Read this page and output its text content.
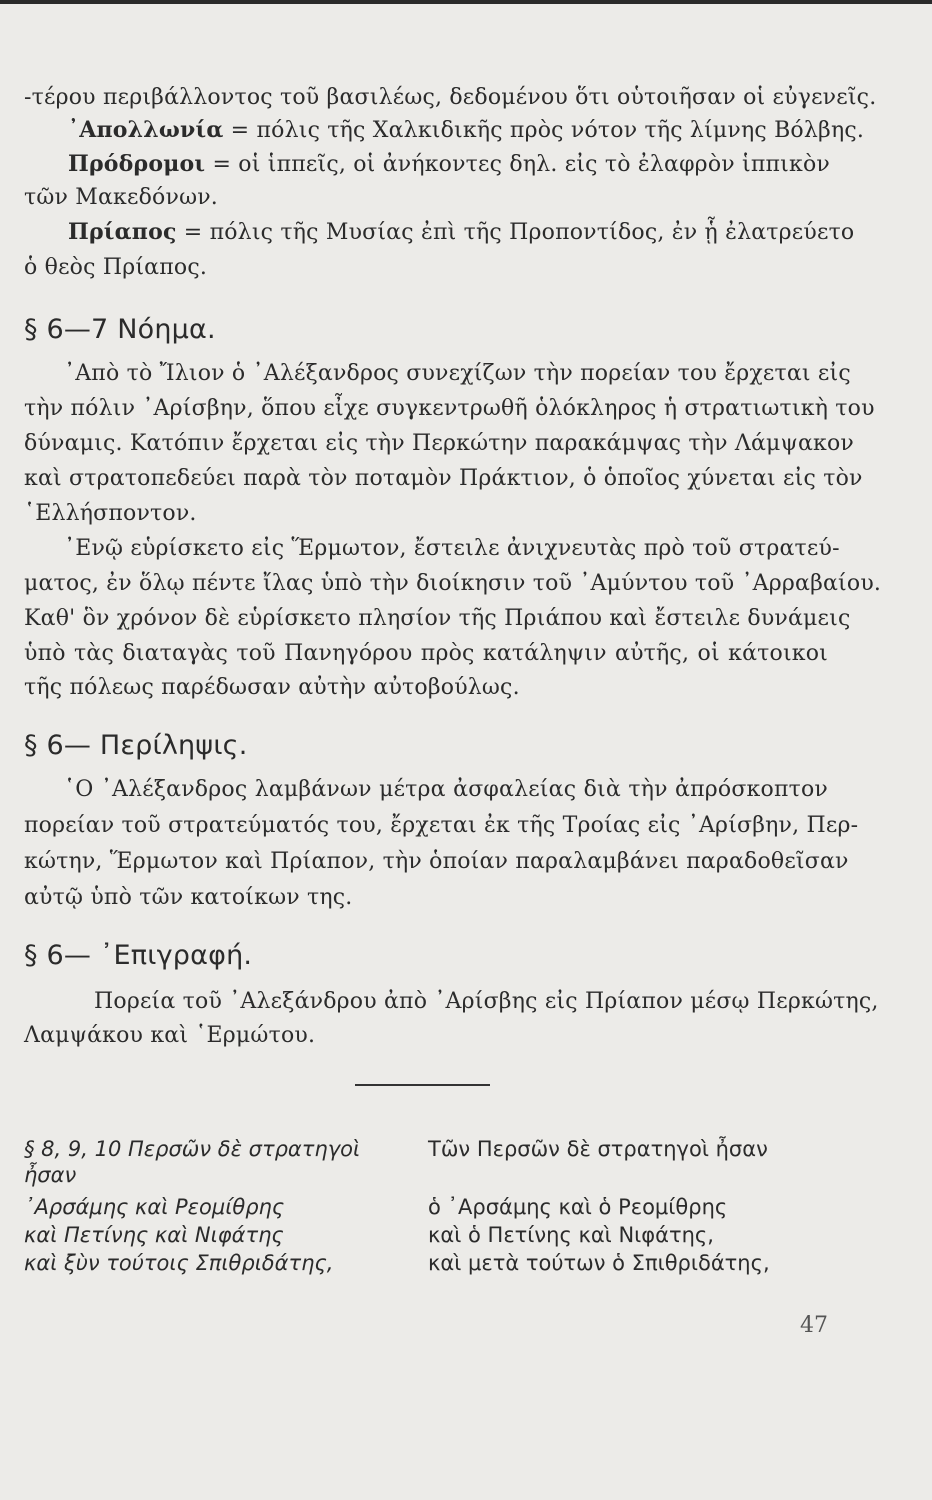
-τέρου περιβάλλοντος τοῦ βασιλέως, δεδομένου ὅτι οὑτοιῆσαν οἱ εὐγενεῖς.
᾿Απολλωνία = πόλις τῆς Χαλκιδικῆς πρὸς νότον τῆς λίμνης Βόλβης.
Πρόδρομοι = οἱ ἱππεῖς, οἱ ἀνήκοντες δηλ. εἰς τὸ ἐλαφρὸν ἱππικὸν
τῶν Μακεδόνων.
Πρίαπος = πόλις τῆς Μυσίας ἐπὶ τῆς Προποντίδος, ἐν ᾗ ἐλατρεύετο
ὁ θεὸς Πρίαπος.
§ 6—7 Νόημα.
᾿Απὸ τὸ Ἴλιον ὁ ᾿Αλέξανδρος συνεχίζων τὴν πορείαν του ἔρχεται εἰς
τὴν πόλιν ᾿Αρίσβην, ὅπου εἶχε συγκεντρωθῆ ὁλόκληρος ἡ στρατιωτικὴ του
δύναμις. Κατόπιν ἔρχεται εἰς τὴν Περκώτην παρακάμψας τὴν Λάμψακον
καὶ στρατοπεδεύει παρὰ τὸν ποταμὸν Πράκτιον, ὁ ὁποῖος χύνεται εἰς τὸν
῾Ελλήσποντον.
᾿Ενῷ εὑρίσκετο εἰς Ἕρμωτον, ἔστειλε ἀνιχνευτὰς πρὸ τοῦ στρατεύ-
ματος, ἐν ὅλῳ πέντε ἴλας ὑπὸ τὴν διοίκησιν τοῦ ᾿Αμύντου τοῦ ᾿Αρραβαίου.
Καθ' ὃν χρόνον δὲ εὑρίσκετο πλησίον τῆς Πριάπου καὶ ἔστειλε δυνάμεις
ὑπὸ τὰς διαταγὰς τοῦ Πανηγόρου πρὸς κατάληψιν αὐτῆς, οἱ κάτοικοι
τῆς πόλεως παρέδωσαν αὐτὴν αὐτοβούλως.
§ 6— Περίληψις.
῾Ο ᾿Αλέξανδρος λαμβάνων μέτρα ἀσφαλείας διὰ τὴν ἀπρόσκοπτον
πορείαν τοῦ στρατεύματός του, ἔρχεται ἐκ τῆς Τροίας εἰς ᾿Αρίσβην, Περ-
κώτην, Ἕρμωτον καὶ Πρίαπον, τὴν ὁποίαν παραλαμβάνει παραδοθεῖσαν
αὐτῷ ὑπὸ τῶν κατοίκων της.
§ 6— ᾿Επιγραφή.
Πορεία τοῦ ᾿Αλεξάνδρου ἀπὸ ᾿Αρίσβης εἰς Πρίαπον μέσῳ Περκώτης,
Λαμψάκου καὶ ῾Ερμώτου.
§ 8, 9, 10 Περσῶν δὲ στρατηγοὶ
ἦσαν
᾿Αρσάμης καὶ Ρεομίθρης
καὶ Πετίνης καὶ Νιφάτης
καὶ ξὺν τούτοις Σπιθριδάτης,
Τῶν Περσῶν δὲ στρατηγοὶ ἦσαν
ὁ ᾿Αρσάμης καὶ ὁ Ρεομίθρης
καὶ ὁ Πετίνης καὶ Νιφάτης,
καὶ μετὰ τούτων ὁ Σπιθριδάτης,
47
